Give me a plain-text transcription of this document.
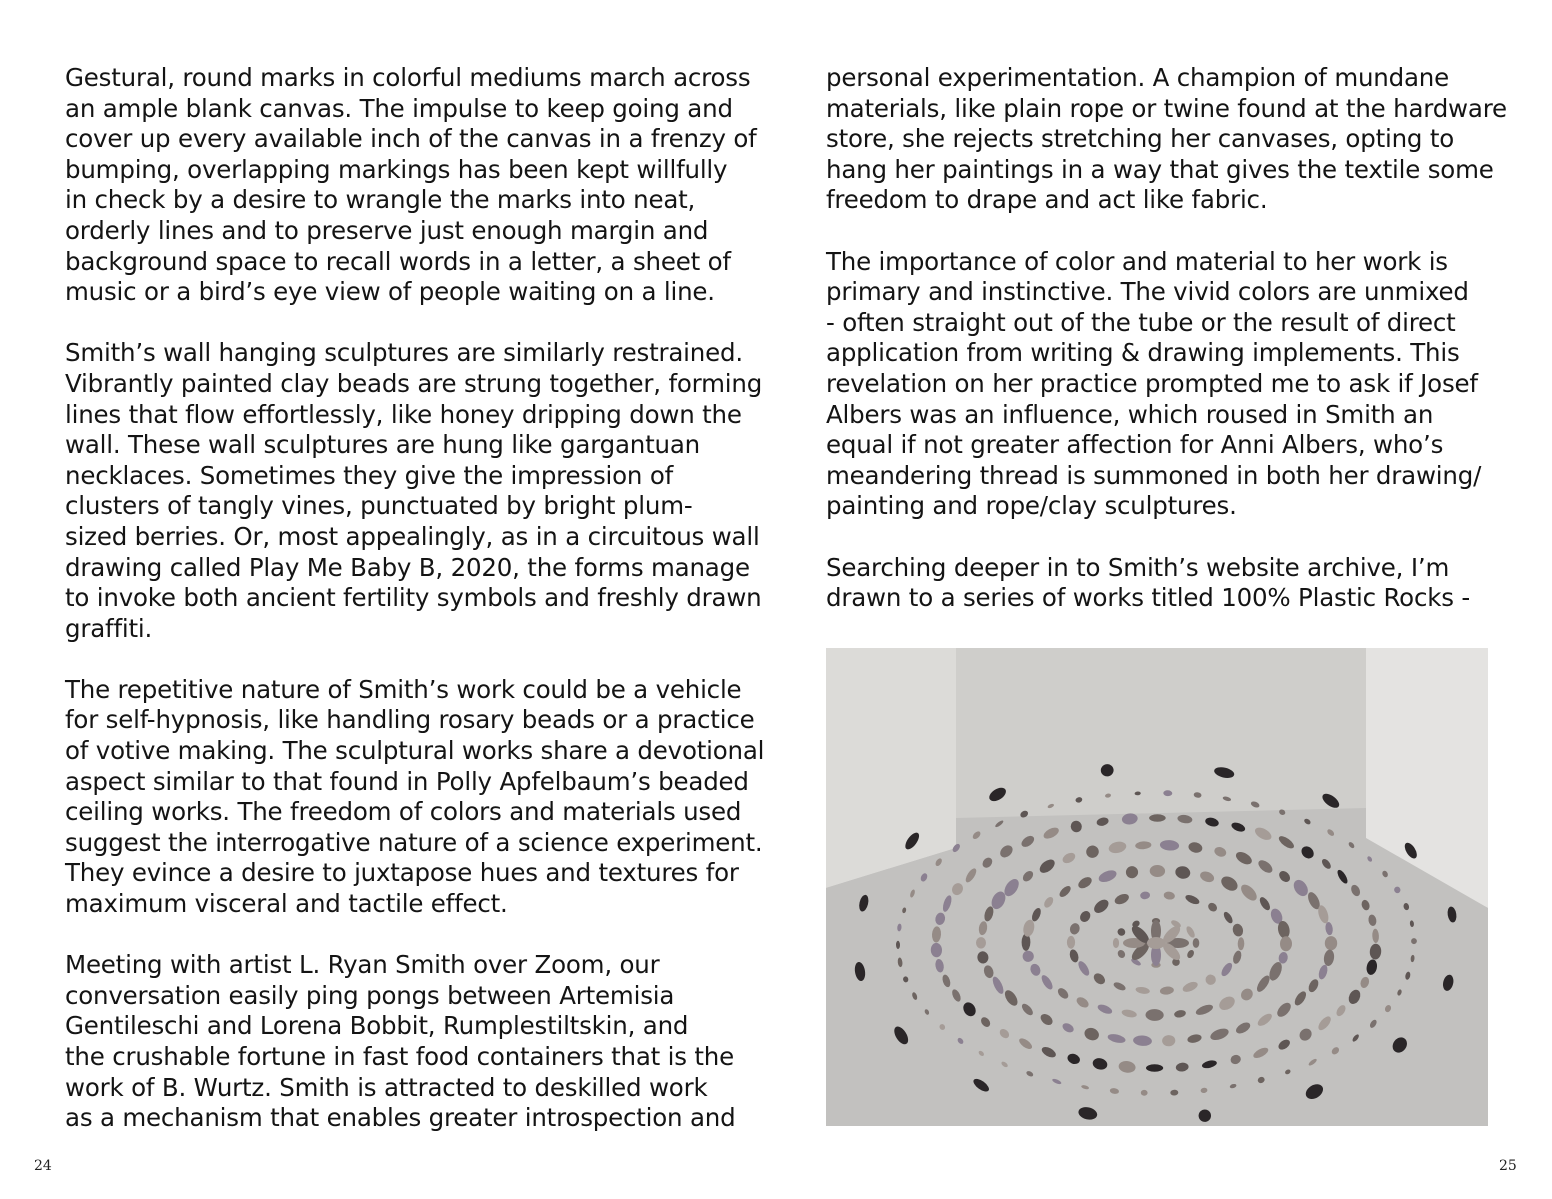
Gestural, round marks in colorful mediums march across
an ample blank canvas. The impulse to keep going and
cover up every available inch of the canvas in a frenzy of
bumping, overlapping markings has been kept willfully
in check by a desire to wrangle the marks into neat,
orderly lines and to preserve just enough margin and
background space to recall words in a letter, a sheet of
music or a bird’s eye view of people waiting on a line.

Smith’s wall hanging sculptures are similarly restrained.
Vibrantly painted clay beads are strung together, forming
lines that flow effortlessly, like honey dripping down the
wall. These wall sculptures are hung like gargantuan
necklaces. Sometimes they give the impression of
clusters of tangly vines, punctuated by bright plum-
sized berries. Or, most appealingly, as in a circuitous wall
drawing called Play Me Baby B, 2020, the forms manage
to invoke both ancient fertility symbols and freshly drawn
graffiti.

The repetitive nature of Smith’s work could be a vehicle
for self-hypnosis, like handling rosary beads or a practice
of votive making. The sculptural works share a devotional
aspect similar to that found in Polly Apfelbaum’s beaded
ceiling works. The freedom of colors and materials used
suggest the interrogative nature of a science experiment.
They evince a desire to juxtapose hues and textures for
maximum visceral and tactile effect.

Meeting with artist L. Ryan Smith over Zoom, our
conversation easily ping pongs between Artemisia
Gentileschi and Lorena Bobbit, Rumplestiltskin, and
the crushable fortune in fast food containers that is the
work of B. Wurtz. Smith is attracted to deskilled work
as a mechanism that enables greater introspection and

24

personal experimentation. A champion of mundane
materials, like plain rope or twine found at the hardware
store, she rejects stretching her canvases, opting to
hang her paintings in a way that gives the textile some
freedom to drape and act like fabric.

The importance of color and material to her work is
primary and instinctive. The vivid colors are unmixed
- often straight out of the tube or the result of direct
application from writing & drawing implements. This
revelation on her practice prompted me to ask if Josef
Albers was an influence, which roused in Smith an
equal if not greater affection for Anni Albers, who’s
meandering thread is summoned in both her drawing/
painting and rope/clay sculptures.

Searching deeper in to Smith’s website archive, I’m
drawn to a series of works titled 100% Plastic Rocks -

25
